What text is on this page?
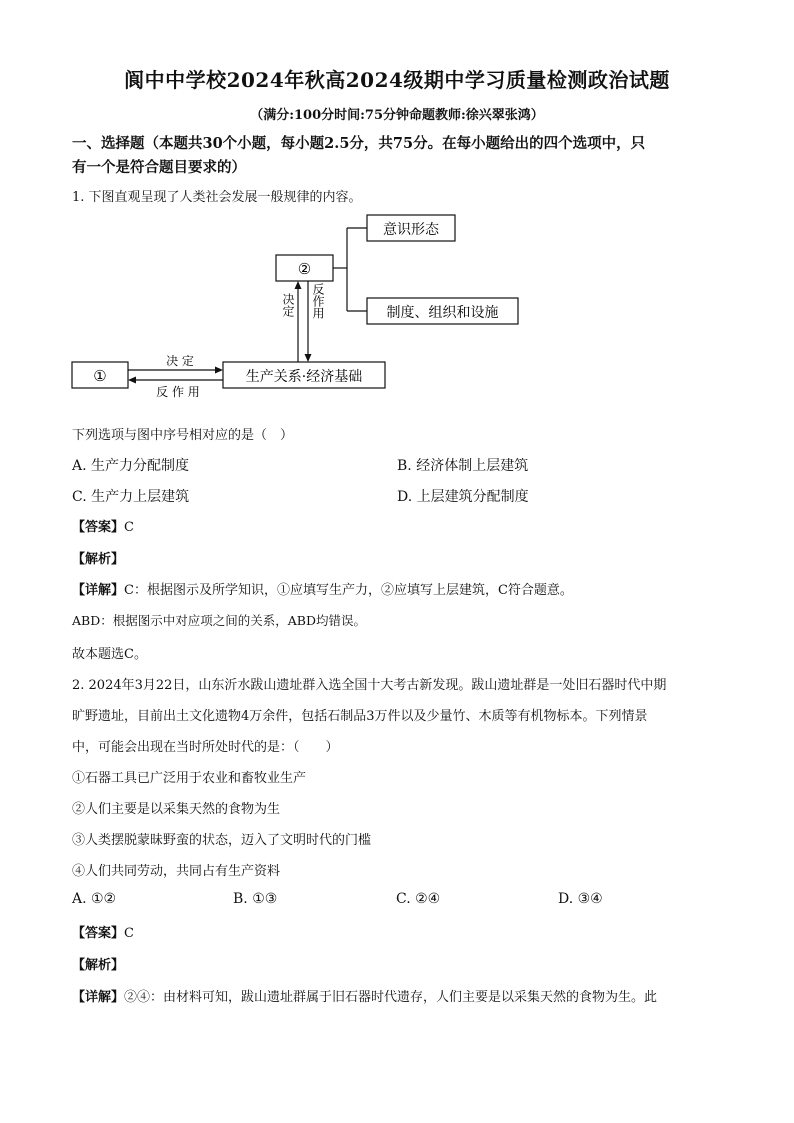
阆中中学校2024年秋高2024级期中学习质量检测政治试题
（满分:100分时间:75分钟命题教师:徐兴翠张鸿）
一、选择题（本题共30个小题，每小题2.5分，共75分。在每小题给出的四个选项中，只
有一个是符合题目要求的）
1. 下图直观呈现了人类社会发展一般规律的内容。
意识形态
②
制度、组织和设施
①	生产关系·经济基础
决 定
反 作 用
决定 反作用
下列选项与图中序号相对应的是（　）
A. 生产力分配制度	B. 经济体制上层建筑
C. 生产力上层建筑	D. 上层建筑分配制度
【答案】C
【解析】
【详解】C：根据图示及所学知识，①应填写生产力，②应填写上层建筑，C符合题意。
ABD：根据图示中对应项之间的关系，ABD均错误。
故本题选C。
2. 2024年3月22日，山东沂水跋山遗址群入选全国十大考古新发现。跋山遗址群是一处旧石器时代中期
旷野遗址，目前出土文化遗物4万余件，包括石制品3万件以及少量竹、木质等有机物标本。下列情景
中，可能会出现在当时所处时代的是：（　　）
①石器工具已广泛用于农业和畜牧业生产
②人们主要是以采集天然的食物为生
③人类摆脱蒙昧野蛮的状态，迈入了文明时代的门槛
④人们共同劳动，共同占有生产资料
A. ①②	B. ①③	C. ②④	D. ③④
【答案】C
【解析】
【详解】②④：由材料可知，跋山遗址群属于旧石器时代遗存，人们主要是以采集天然的食物为生。此
